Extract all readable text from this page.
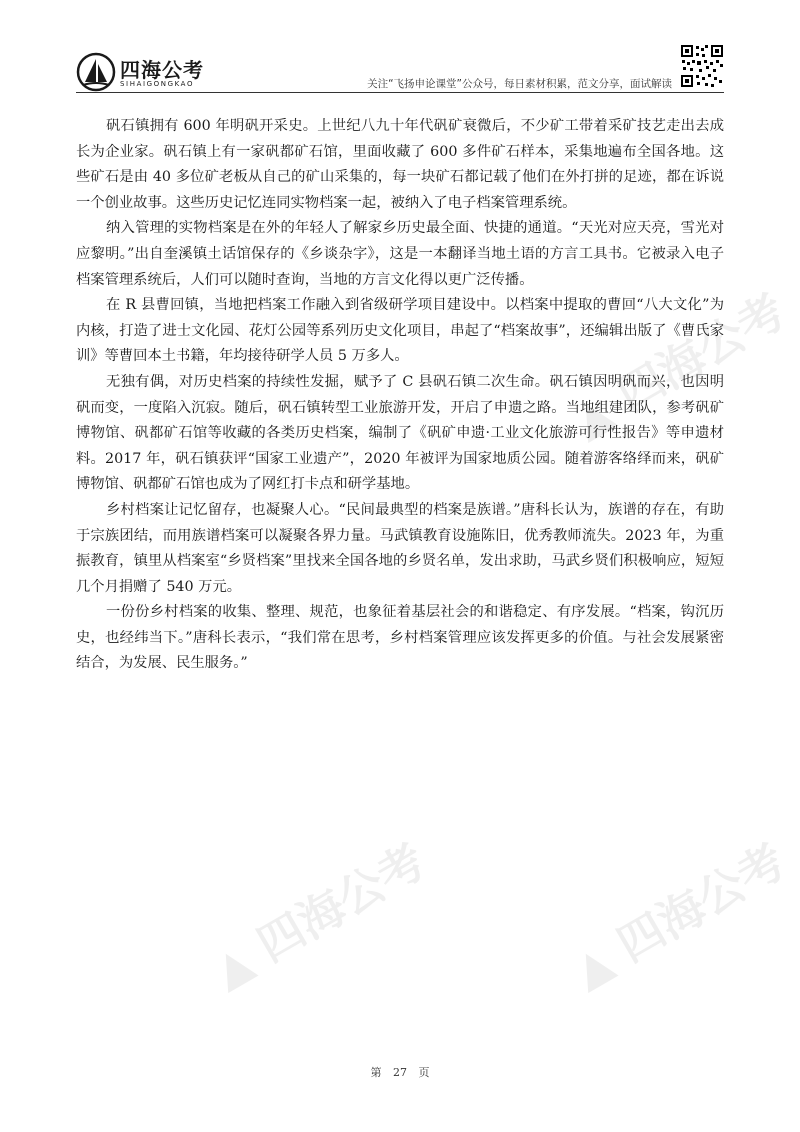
▲ 四海公考
▲ 四海公考	▲ 四海公考
四海公考
SIHAIGONGKAO	关注“飞扬申论课堂”公众号，每日素材积累，范文分享，面试解读

矾石镇拥有 600 年明矾开采史。上世纪八九十年代矾矿衰微后，不少矿工带着采矿技艺走出去成长为企业家。矾石镇上有一家矾都矿石馆，里面收藏了 600 多件矿石样本，采集地遍布全国各地。这些矿石是由 40 多位矿老板从自己的矿山采集的，每一块矿石都记载了他们在外打拼的足迹，都在诉说一个创业故事。这些历史记忆连同实物档案一起，被纳入了电子档案管理系统。

纳入管理的实物档案是在外的年轻人了解家乡历史最全面、快捷的通道。“天光对应天亮，雪光对应黎明。”出自奎溪镇土话馆保存的《乡谈杂字》，这是一本翻译当地土语的方言工具书。它被录入电子档案管理系统后，人们可以随时查询，当地的方言文化得以更广泛传播。

在 R 县曹回镇，当地把档案工作融入到省级研学项目建设中。以档案中提取的曹回“八大文化”为内核，打造了进士文化园、花灯公园等系列历史文化项目，串起了“档案故事”，还编辑出版了《曹氏家训》等曹回本土书籍，年均接待研学人员 5 万多人。

无独有偶，对历史档案的持续性发掘，赋予了 C 县矾石镇二次生命。矾石镇因明矾而兴，也因明矾而变，一度陷入沉寂。随后，矾石镇转型工业旅游开发，开启了申遗之路。当地组建团队，参考矾矿博物馆、矾都矿石馆等收藏的各类历史档案，编制了《矾矿申遗·工业文化旅游可行性报告》等申遗材料。2017 年，矾石镇获评“国家工业遗产”，2020 年被评为国家地质公园。随着游客络绎而来，矾矿博物馆、矾都矿石馆也成为了网红打卡点和研学基地。

乡村档案让记忆留存，也凝聚人心。“民间最典型的档案是族谱。”唐科长认为，族谱的存在，有助于宗族团结，而用族谱档案可以凝聚各界力量。马武镇教育设施陈旧，优秀教师流失。2023 年，为重振教育，镇里从档案室“乡贤档案”里找来全国各地的乡贤名单，发出求助，马武乡贤们积极响应，短短几个月捐赠了 540 万元。

一份份乡村档案的收集、整理、规范，也象征着基层社会的和谐稳定、有序发展。“档案，钩沉历史，也经纬当下。”唐科长表示，“我们常在思考，乡村档案管理应该发挥更多的价值。与社会发展紧密结合，为发展、民生服务。”

第 27 页
